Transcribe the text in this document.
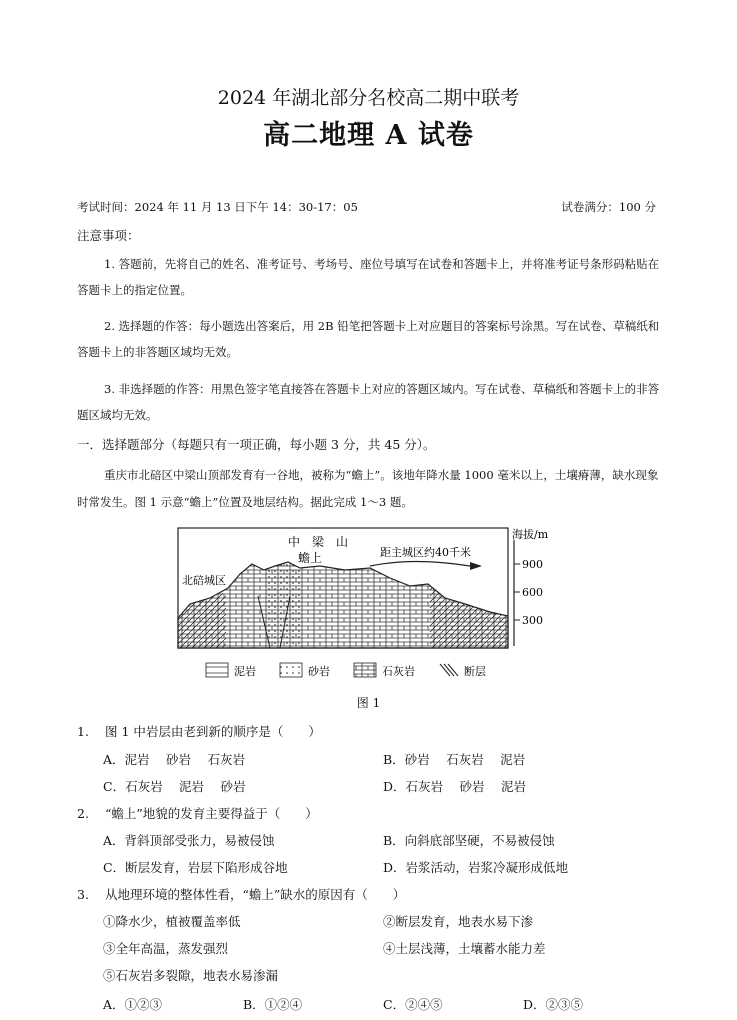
2024 年湖北部分名校高二期中联考
高二地理 A 试卷
考试时间：2024 年 11 月 13 日下午 14：30-17：05	试卷满分：100 分
注意事项：
1. 答题前，先将自己的姓名、准考证号、考场号、座位号填写在试卷和答题卡上，并将准考证号条形码粘贴在答题卡上的指定位置。
2. 选择题的作答：每小题选出答案后，用 2B 铅笔把答题卡上对应题目的答案标号涂黑。写在试卷、草稿纸和答题卡上的非答题区域均无效。
3. 非选择题的作答：用黑色签字笔直接答在答题卡上对应的答题区域内。写在试卷、草稿纸和答题卡上的非答题区域均无效。
一．选择题部分（每题只有一项正确，每小题 3 分，共 45 分）。
重庆市北碚区中梁山顶部发育有一谷地，被称为“蟾上”。该地年降水量 1000 毫米以上，土壤瘠薄，缺水现象时常发生。图 1 示意“蟾上”位置及地层结构。据此完成 1～3 题。
中　梁　山
蟾上	距主城区约40千米
北碚城区
海拔/m
900
600
300
泥岩	砂岩	石灰岩	断层
图 1
1. 图 1 中岩层由老到新的顺序是（　　）
A．泥岩　 砂岩　 石灰岩	B．砂岩　 石灰岩　 泥岩
C．石灰岩　 泥岩　 砂岩	D．石灰岩　 砂岩　 泥岩
2. “蟾上”地貌的发育主要得益于（　　）
A．背斜顶部受张力，易被侵蚀	B．向斜底部坚硬，不易被侵蚀
C．断层发育，岩层下陷形成谷地	D．岩浆活动，岩浆冷凝形成低地
3. 从地理环境的整体性看，“蟾上”缺水的原因有（　　）
①降水少，植被覆盖率低	②断层发育，地表水易下渗
③全年高温，蒸发强烈	④土层浅薄，土壤蓄水能力差
⑤石灰岩多裂隙，地表水易渗漏
A．①②③	B．①②④	C．②④⑤	D．②③⑤
